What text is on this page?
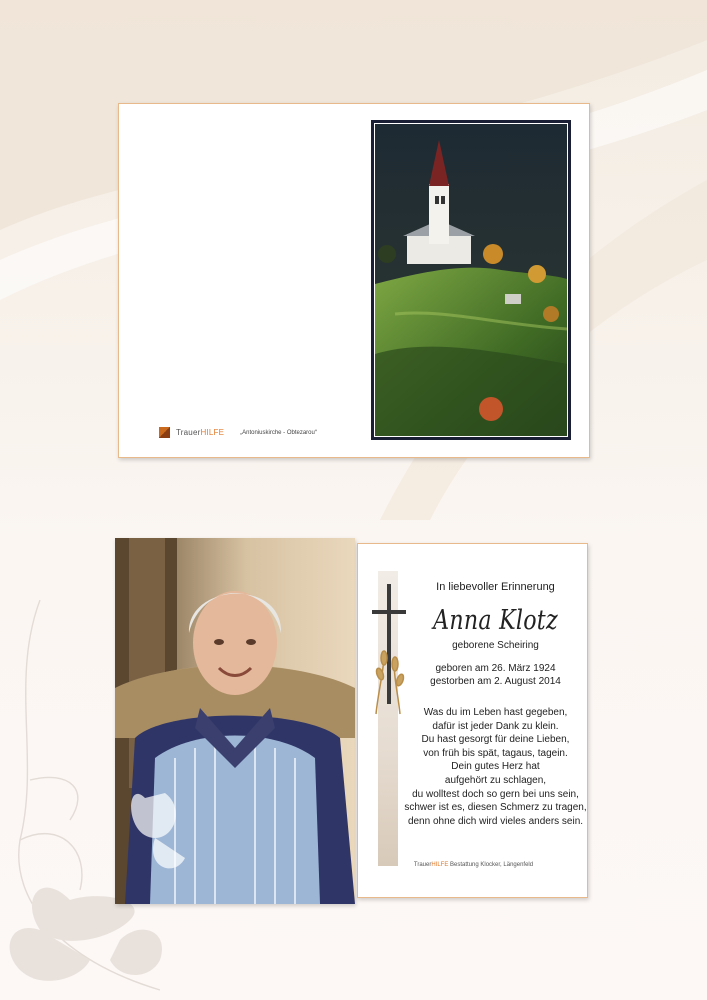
TrauerHILFE	„Antoniuskirche - Obtezarou“
In liebevoller Erinnerung
Anna Klotz
geborene Scheiring
geboren am 26. März 1924
gestorben am 2. August 2014
Was du im Leben hast gegeben,
dafür ist jeder Dank zu klein.
Du hast gesorgt für deine Lieben,
von früh bis spät, tagaus, tagein.
Dein gutes Herz hat
aufgehört zu schlagen,
du wolltest doch so gern bei uns sein,
schwer ist es, diesen Schmerz zu tragen,
denn ohne dich wird vieles anders sein.
TrauerHILFE Bestattung Klocker, Längenfeld
